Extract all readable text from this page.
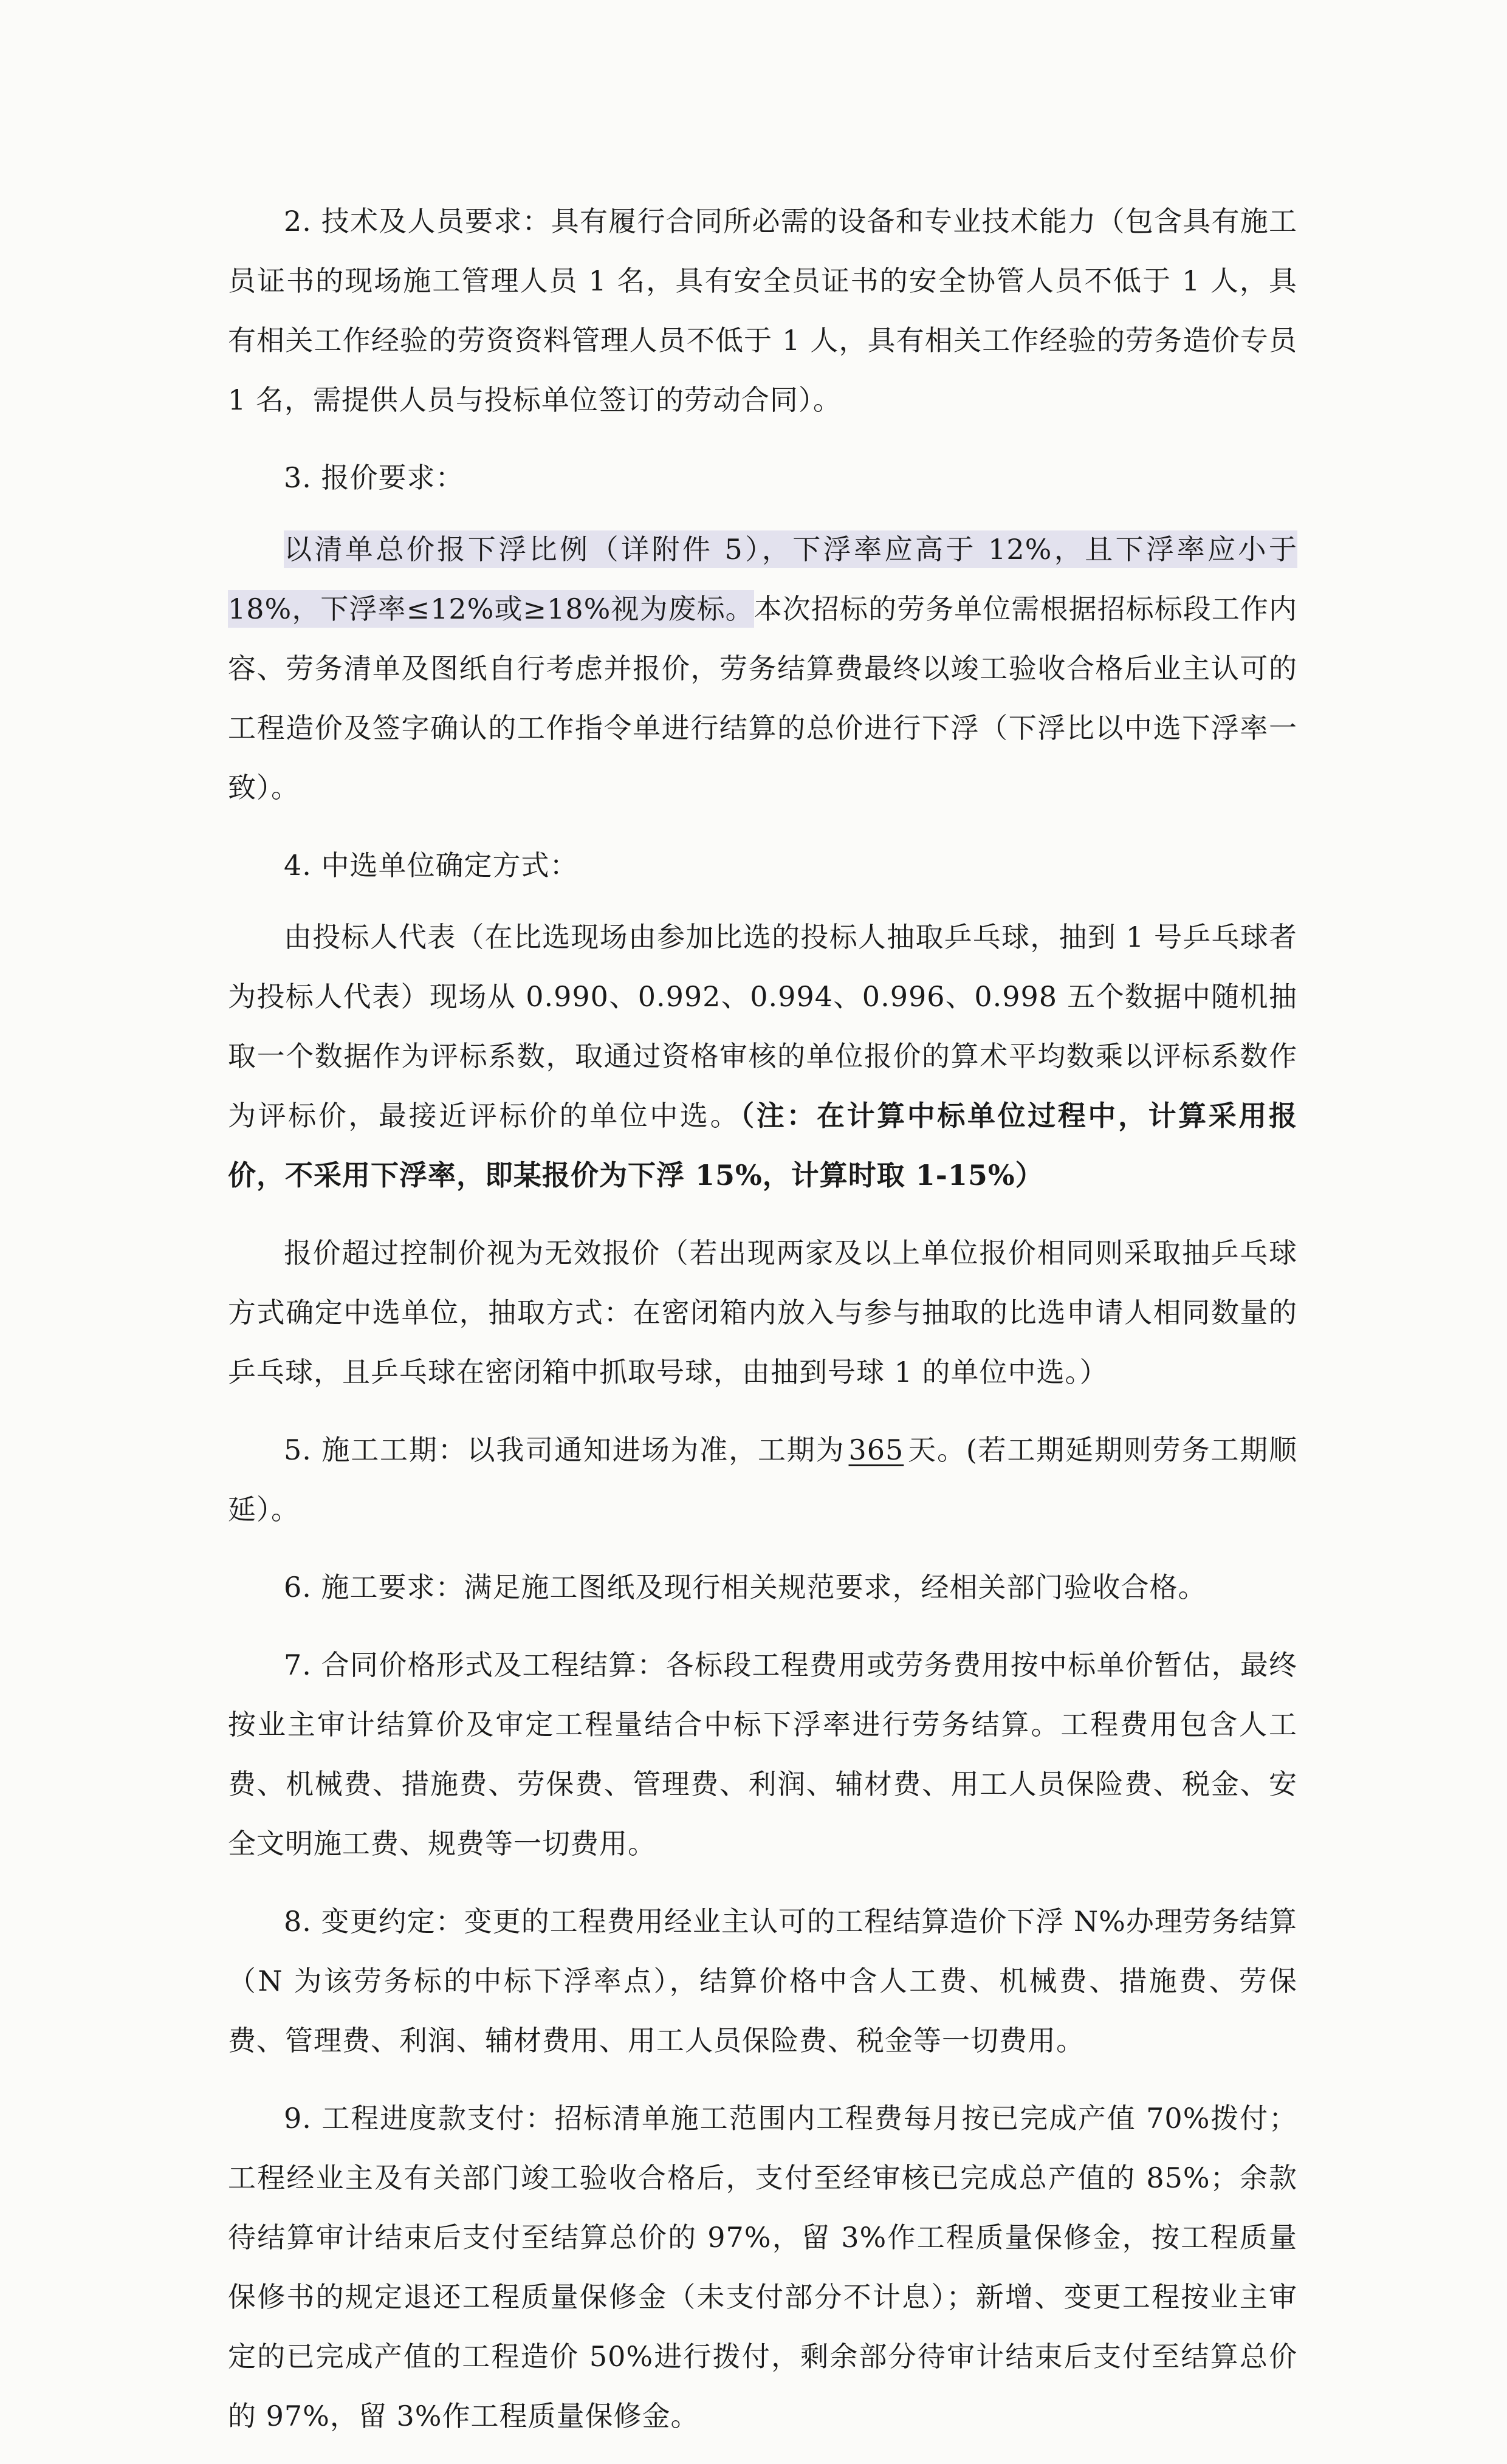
2. 技术及人员要求：具有履行合同所必需的设备和专业技术能力（包含具有施工员证书的现场施工管理人员 1 名，具有安全员证书的安全协管人员不低于 1 人，具有相关工作经验的劳资资料管理人员不低于 1 人，具有相关工作经验的劳务造价专员 1 名，需提供人员与投标单位签订的劳动合同）。

3. 报价要求：

以清单总价报下浮比例（详附件 5），下浮率应高于 12%，且下浮率应小于 18%，下浮率≤12%或≥18%视为废标。本次招标的劳务单位需根据招标标段工作内容、劳务清单及图纸自行考虑并报价，劳务结算费最终以竣工验收合格后业主认可的工程造价及签字确认的工作指令单进行结算的总价进行下浮（下浮比以中选下浮率一致）。

4. 中选单位确定方式：

由投标人代表（在比选现场由参加比选的投标人抽取乒乓球，抽到 1 号乒乓球者为投标人代表）现场从 0.990、0.992、0.994、0.996、0.998 五个数据中随机抽取一个数据作为评标系数，取通过资格审核的单位报价的算术平均数乘以评标系数作为评标价，最接近评标价的单位中选。（注：在计算中标单位过程中，计算采用报价，不采用下浮率，即某报价为下浮 15%，计算时取 1-15%）

报价超过控制价视为无效报价（若出现两家及以上单位报价相同则采取抽乒乓球方式确定中选单位，抽取方式：在密闭箱内放入与参与抽取的比选申请人相同数量的乒乓球，且乒乓球在密闭箱中抓取号球，由抽到号球 1 的单位中选。）

5. 施工工期：以我司通知进场为准，工期为 365 天。(若工期延期则劳务工期顺延）。

6. 施工要求：满足施工图纸及现行相关规范要求，经相关部门验收合格。

7. 合同价格形式及工程结算：各标段工程费用或劳务费用按中标单价暂估，最终按业主审计结算价及审定工程量结合中标下浮率进行劳务结算。工程费用包含人工费、机械费、措施费、劳保费、管理费、利润、辅材费、用工人员保险费、税金、安全文明施工费、规费等一切费用。

8. 变更约定：变更的工程费用经业主认可的工程结算造价下浮 N%办理劳务结算（N 为该劳务标的中标下浮率点），结算价格中含人工费、机械费、措施费、劳保费、管理费、利润、辅材费用、用工人员保险费、税金等一切费用。

9. 工程进度款支付：招标清单施工范围内工程费每月按已完成产值 70%拨付；工程经业主及有关部门竣工验收合格后，支付至经审核已完成总产值的 85%；余款待结算审计结束后支付至结算总价的 97%，留 3%作工程质量保修金，按工程质量保修书的规定退还工程质量保修金（未支付部分不计息）；新增、变更工程按业主审定的已完成产值的工程造价 50%进行拨付，剩余部分待审计结束后支付至结算总价的 97%，留 3%作工程质量保修金。
